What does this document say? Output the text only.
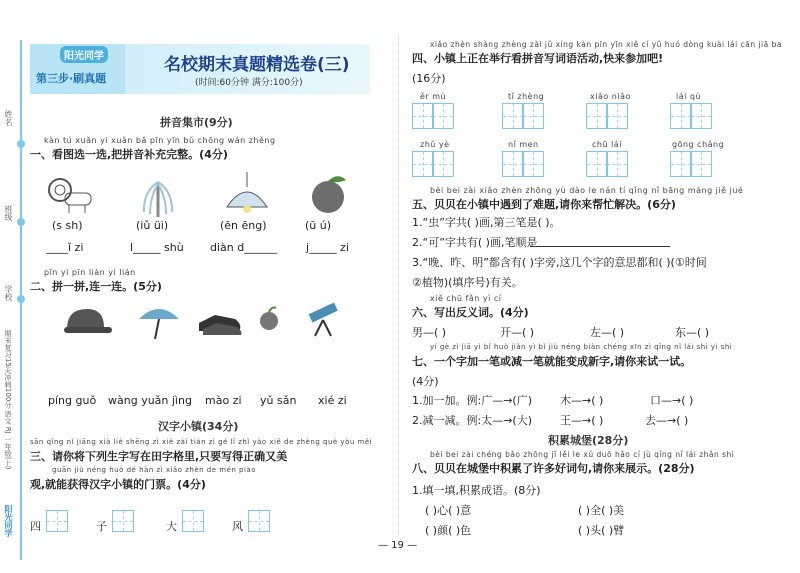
姓名
班级
学校
期末复习15天冲刺100分 语文 RJ 一年级(上)
阳光同学
阳光同学
第三步·刷真题
名校期末真题精选卷(三)
(时间:60分钟 满分:100分)
拼音集市(9分)
kàn tú xuǎn yi xuǎn bǎ pīn yīn bǔ chōng wán zhěng
一、看图选一选,把拼音补充完整。(4分)
(s sh)	(iǔ üi)	(ēn ēng)	(ū ú)
____ǐ zi	l_____ shù diàn d______	j_____ zi
pīn yi pīn lián yi lián
二、拼一拼,连一连。(5分)
píng guǒ wàng yuǎn jìng mào zi yǔ sǎn xié zi
汉字小镇(34分)
sān qǐng nǐ jiāng xià liè shēng zì xiě zài tián zì gé lǐ zhǐ yào xiě de zhèng què yòu měi
三、请你将下列生字写在田字格里,只要写得正确又美
guān jiù néng huò dé hàn zì xiǎo zhèn de mén piào
观,就能获得汉字小镇的门票。(4分)
四	子	大	风
xiǎo zhèn shàng zhèng zài jǔ xíng kàn pīn yīn xiě cí yǔ huó dòng kuài lái cān jiā ba
四、小镇上正在举行看拼音写词语活动,快来参加吧!
(16分)
ěr mù	tǐ zhèng	xiǎo niǎo	lái qù
zhǔ yè	nǐ men	chū lái	gōng chǎng
bèi bei zài xiǎo zhèn zhōng yù dào le nán tí qǐng nǐ bāng máng jiě jué
五、贝贝在小镇中遇到了难题,请你来帮忙解决。(6分)
1.“虫”字共( )画,第三笔是( )。
2.“可”字共有( )画,笔顺是
3.“晚、昨、明”都含有( )字旁,这几个字的意思都和( )(①时间
②植物)(填序号)有关。
xiě chū fǎn yì cí
六、写出反义词。(4分)
男—( )	开—( )	左—( )	东—( )
yí gè zì jiā yì bǐ huò jiǎn yì bǐ jiù néng biàn chéng xīn zì qǐng nǐ lái shì yi shì
七、一个字加一笔或减一笔就能变成新字,请你来试一试。
(4分)
1.加一加。例:广—→(广)	木—→( )	口—→( )
2.减一减。例:太—→(大)	王—→( )	去—→( )
积累城堡(28分)
bèi bei zài chéng bǎo zhōng jī lěi le xǔ duō hǎo cí jù qǐng nǐ lái zhǎn shì
八、贝贝在城堡中积累了许多好词句,请你来展示。(28分)
1.填一填,积累成语。(8分)
( )心( )意	( )全( )美
( )颜( )色	( )头( )臂
— 19 —
